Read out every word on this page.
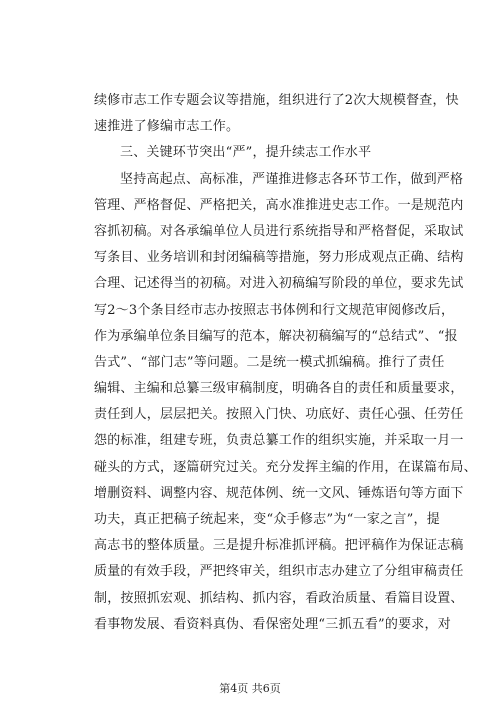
续修市志工作专题会议等措施，组织进行了2次大规模督查，快
速推进了修编市志工作。
三、关键环节突出“严”，提升续志工作水平
坚持高起点、高标准，严谨推进修志各环节工作，做到严格
管理、严格督促、严格把关，高水准推进史志工作。一是规范内
容抓初稿。对各承编单位人员进行系统指导和严格督促，采取试
写条目、业务培训和封闭编稿等措施，努力形成观点正确、结构
合理、记述得当的初稿。对进入初稿编写阶段的单位，要求先试
写2～3个条目经市志办按照志书体例和行文规范审阅修改后，
作为承编单位条目编写的范本，解决初稿编写的“总结式”、“报
告式”、“部门志”等问题。二是统一模式抓编稿。推行了责任
编辑、主编和总纂三级审稿制度，明确各自的责任和质量要求，
责任到人，层层把关。按照入门快、功底好、责任心强、任劳任
怨的标准，组建专班，负责总纂工作的组织实施，并采取一月一
碰头的方式，逐篇研究过关。充分发挥主编的作用，在谋篇布局、
增删资料、调整内容、规范体例、统一文风、锤炼语句等方面下
功夫，真正把稿子统起来，变“众手修志”为“一家之言”，提
高志书的整体质量。三是提升标准抓评稿。把评稿作为保证志稿
质量的有效手段，严把终审关，组织市志办建立了分组审稿责任
制，按照抓宏观、抓结构、抓内容，看政治质量、看篇目设置、
看事物发展、看资料真伪、看保密处理“三抓五看”的要求，对
第4页 共6页
